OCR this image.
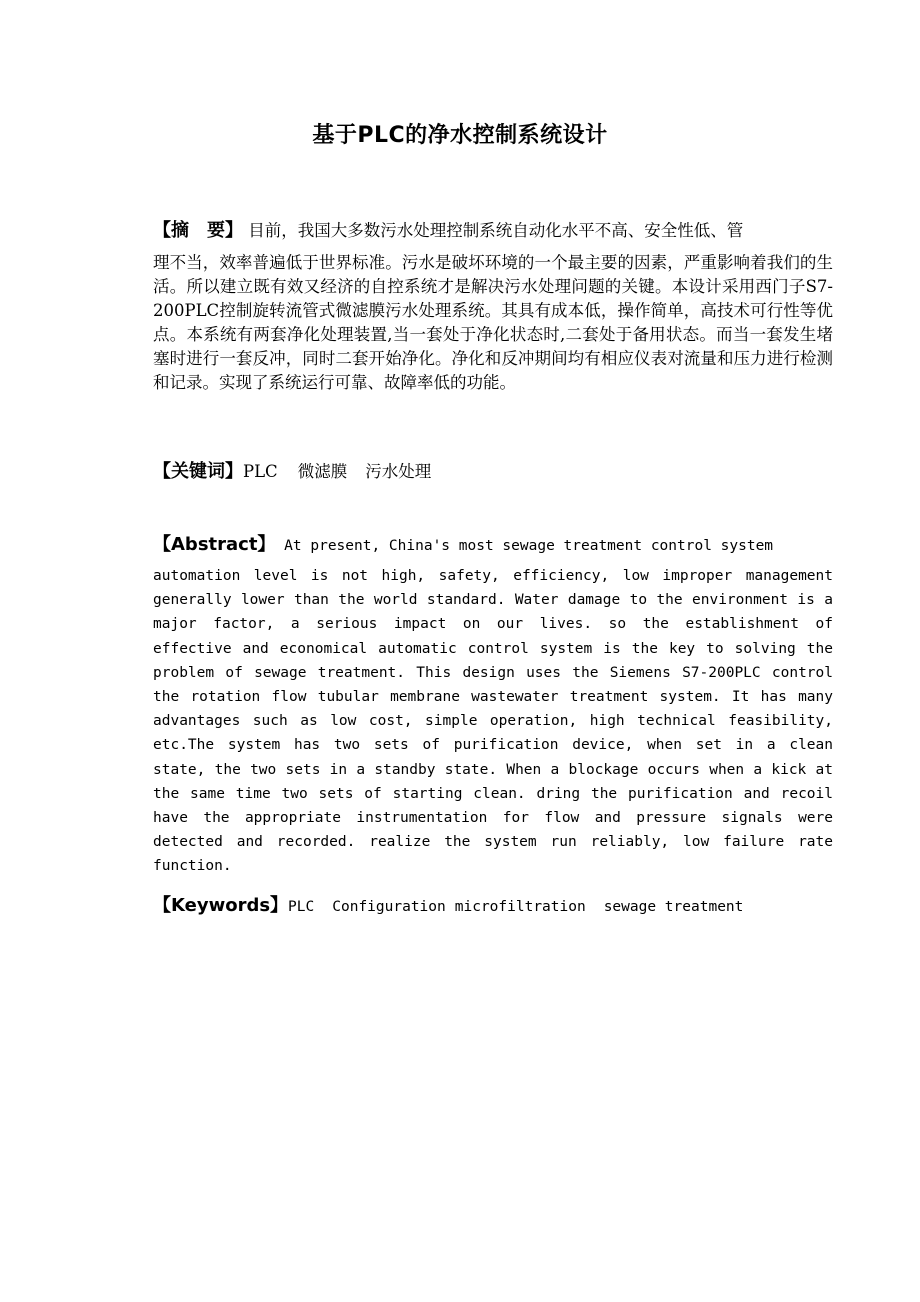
基于PLC的净水控制系统设计
【摘　要】 目前，我国大多数污水处理控制系统自动化水平不高、安全性低、管
理不当，效率普遍低于世界标准。污水是破坏环境的一个最主要的因素，严重影响着我们的生活。所以建立既有效又经济的自控系统才是解决污水处理问题的关键。本设计采用西门子S7-200PLC控制旋转流管式微滤膜污水处理系统。其具有成本低，操作简单，高技术可行性等优点。本系统有两套净化处理装置,当一套处于净化状态时,二套处于备用状态。而当一套发生堵塞时进行一套反冲，同时二套开始净化。净化和反冲期间均有相应仪表对流量和压力进行检测和记录。实现了系统运行可靠、故障率低的功能。
【关键词】PLC 微滤膜 污水处理
【Abstract】 At present, China's most sewage treatment control system
automation level is not high, safety, efficiency, low improper management generally lower than the world standard. Water damage to the environment is a major factor, a serious impact on our lives. so the establishment of effective and economical automatic control system is the key to solving the problem of sewage treatment. This design uses the Siemens S7-200PLC control the rotation flow tubular membrane wastewater treatment system. It has many advantages such as low cost, simple operation, high technical feasibility, etc.The system has two sets of purification device, when set in a clean state, the two sets in a standby state. When a blockage occurs when a kick at the same time two sets of starting clean. dring the purification and recoil have the appropriate instrumentation for flow and pressure signals were detected and recorded. realize the system run reliably, low failure rate function.
【Keywords】PLC Configuration microfiltration sewage treatment
